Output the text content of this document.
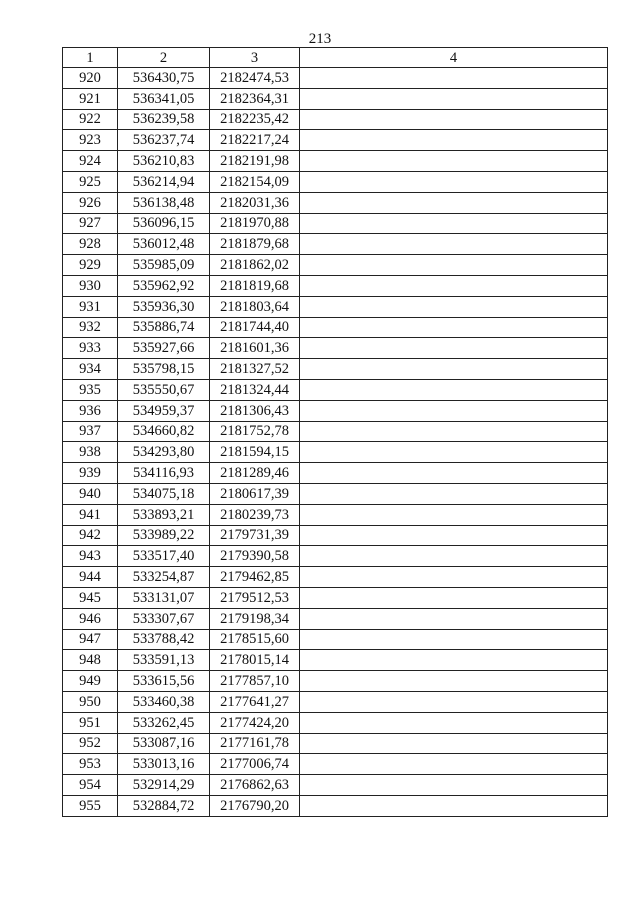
213
1	2	3	4
920	536430,75	2182474,53	
921	536341,05	2182364,31	
922	536239,58	2182235,42	
923	536237,74	2182217,24	
924	536210,83	2182191,98	
925	536214,94	2182154,09	
926	536138,48	2182031,36	
927	536096,15	2181970,88	
928	536012,48	2181879,68	
929	535985,09	2181862,02	
930	535962,92	2181819,68	
931	535936,30	2181803,64	
932	535886,74	2181744,40	
933	535927,66	2181601,36	
934	535798,15	2181327,52	
935	535550,67	2181324,44	
936	534959,37	2181306,43	
937	534660,82	2181752,78	
938	534293,80	2181594,15	
939	534116,93	2181289,46	
940	534075,18	2180617,39	
941	533893,21	2180239,73	
942	533989,22	2179731,39	
943	533517,40	2179390,58	
944	533254,87	2179462,85	
945	533131,07	2179512,53	
946	533307,67	2179198,34	
947	533788,42	2178515,60	
948	533591,13	2178015,14	
949	533615,56	2177857,10	
950	533460,38	2177641,27	
951	533262,45	2177424,20	
952	533087,16	2177161,78	
953	533013,16	2177006,74	
954	532914,29	2176862,63	
955	532884,72	2176790,20	
